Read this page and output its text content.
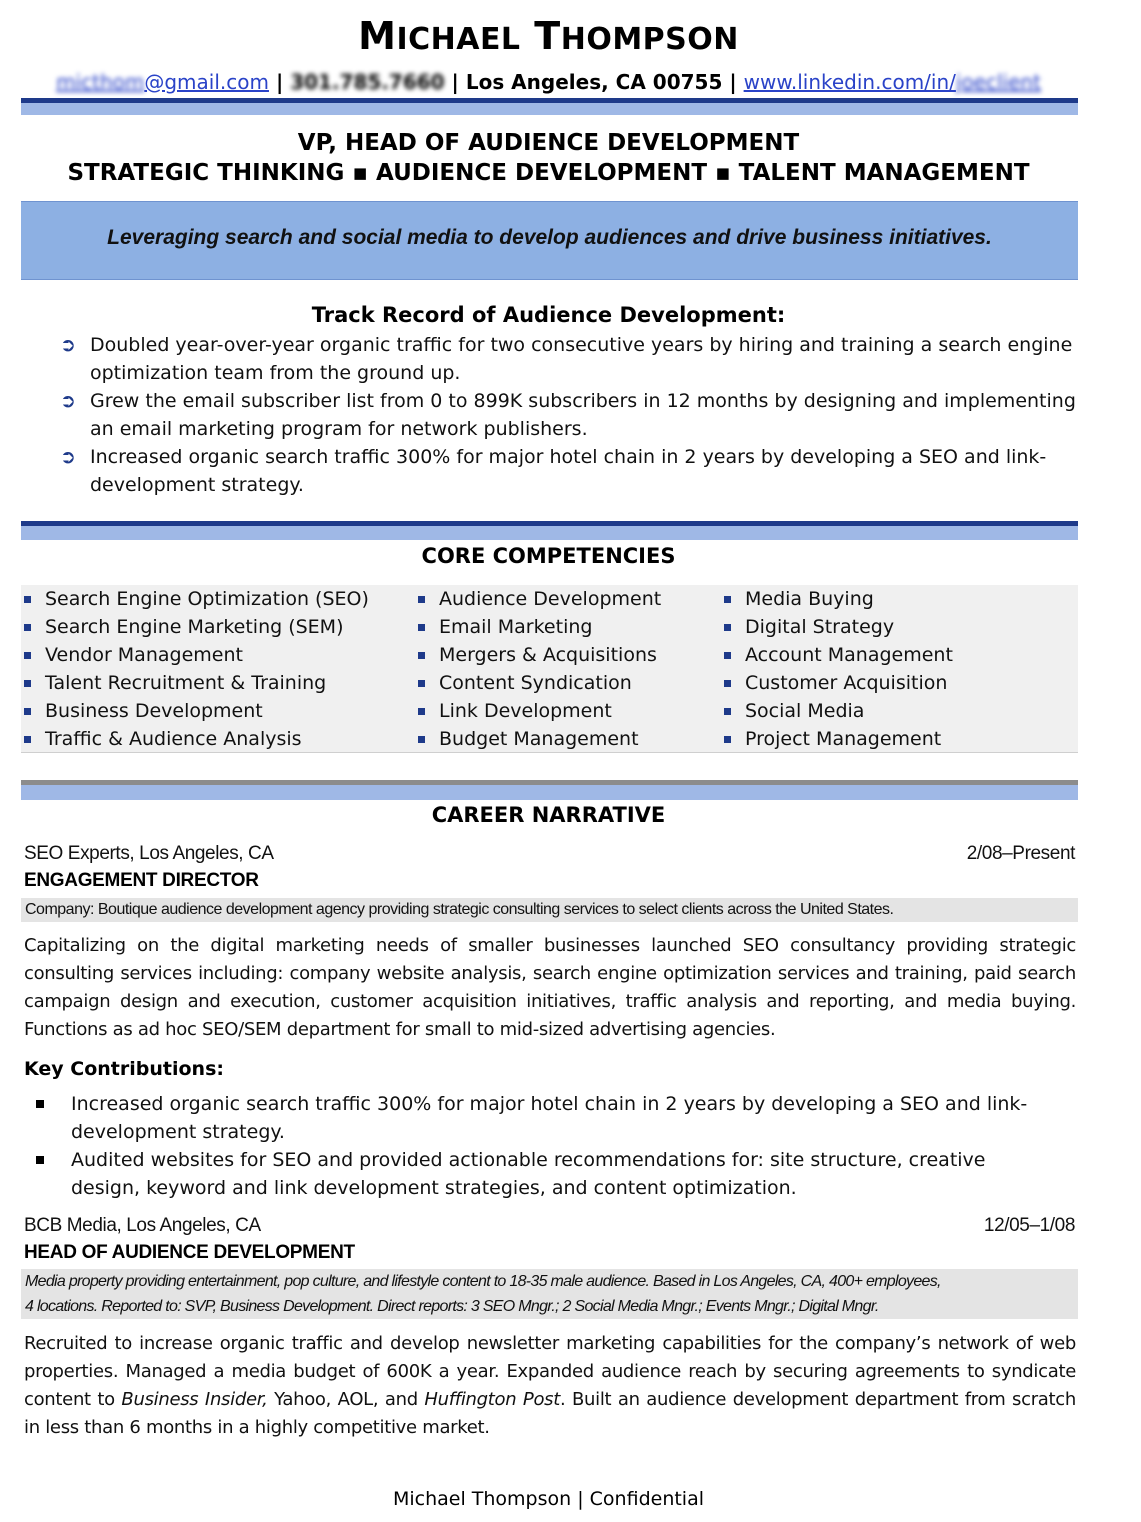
MICHAEL THOMPSON
micthom@gmail.com | 301.785.7660 | Los Angeles, CA 00755 | www.linkedin.com/in/joeclient
VP, HEAD OF AUDIENCE DEVELOPMENT
STRATEGIC THINKING ▪ AUDIENCE DEVELOPMENT ▪ TALENT MANAGEMENT
Leveraging search and social media to develop audiences and drive business initiatives.
Track Record of Audience Development:
➲ Doubled year-over-year organic traffic for two consecutive years by hiring and training a search engine optimization team from the ground up.
➲ Grew the email subscriber list from 0 to 899K subscribers in 12 months by designing and implementing an email marketing program for network publishers.
➲ Increased organic search traffic 300% for major hotel chain in 2 years by developing a SEO and link-development strategy.
CORE COMPETENCIES
Search Engine Optimization (SEO)
Search Engine Marketing (SEM)
Vendor Management
Talent Recruitment & Training
Business Development
Traffic & Audience Analysis
Audience Development
Email Marketing
Mergers & Acquisitions
Content Syndication
Link Development
Budget Management
Media Buying
Digital Strategy
Account Management
Customer Acquisition
Social Media
Project Management
CAREER NARRATIVE
SEO Experts, Los Angeles, CA	2/08–Present
ENGAGEMENT DIRECTOR
Company: Boutique audience development agency providing strategic consulting services to select clients across the United States.
Capitalizing on the digital marketing needs of smaller businesses launched SEO consultancy providing strategic consulting services including: company website analysis, search engine optimization services and training, paid search campaign design and execution, customer acquisition initiatives, traffic analysis and reporting, and media buying. Functions as ad hoc SEO/SEM department for small to mid-sized advertising agencies.
Key Contributions:
Increased organic search traffic 300% for major hotel chain in 2 years by developing a SEO and link-development strategy.
Audited websites for SEO and provided actionable recommendations for: site structure, creative design, keyword and link development strategies, and content optimization.
BCB Media, Los Angeles, CA	12/05–1/08
HEAD OF AUDIENCE DEVELOPMENT
Media property providing entertainment, pop culture, and lifestyle content to 18-35 male audience. Based in Los Angeles, CA, 400+ employees,
4 locations. Reported to: SVP, Business Development. Direct reports: 3 SEO Mngr.; 2 Social Media Mngr.; Events Mngr.; Digital Mngr.
Recruited to increase organic traffic and develop newsletter marketing capabilities for the company’s network of web properties. Managed a media budget of 600K a year. Expanded audience reach by securing agreements to syndicate content to Business Insider, Yahoo, AOL, and Huffington Post. Built an audience development department from scratch in less than 6 months in a highly competitive market.
Michael Thompson | Confidential
